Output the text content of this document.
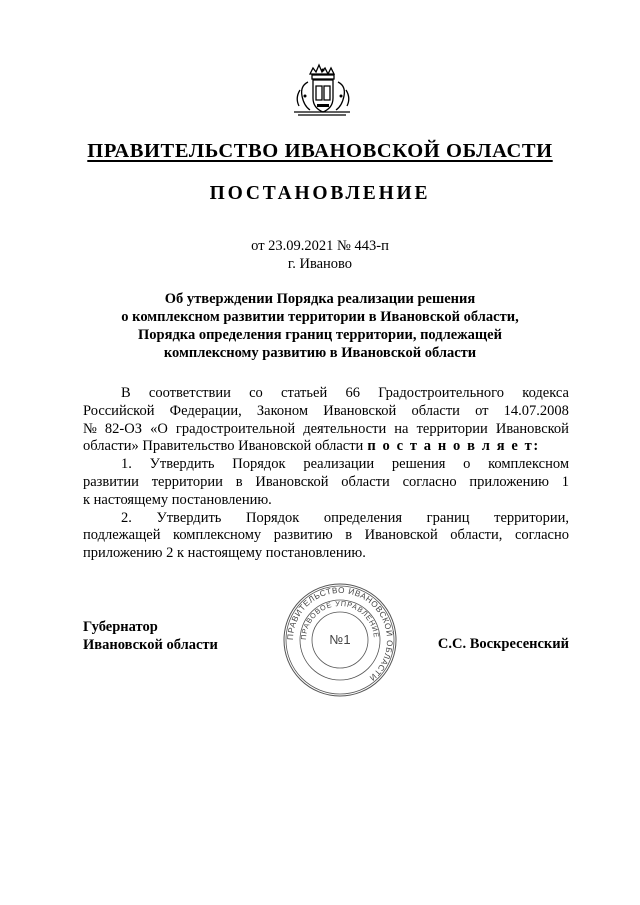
ПРАВИТЕЛЬСТВО ИВАНОВСКОЙ ОБЛАСТИ
ПОСТАНОВЛЕНИЕ
от 23.09.2021 № 443-п
г. Иваново
Об утверждении Порядка реализации решения
о комплексном развитии территории в Ивановской области,
Порядка определения границ территории, подлежащей
комплексному развитию в Ивановской области
В соответствии со статьей 66 Градостроительного кодекса
Российской Федерации, Законом Ивановской области от 14.07.2008
№ 82-ОЗ «О градостроительной деятельности на территории Ивановской
области» Правительство Ивановской области п о с т а н о в л я е т:
1. Утвердить Порядок реализации решения о комплексном
развитии территории в Ивановской области согласно приложению 1
к настоящему постановлению.
2. Утвердить Порядок определения границ территории,
подлежащей комплексному развитию в Ивановской области, согласно
приложению 2 к настоящему постановлению.
ПРАВИТЕЛЬСТВО ИВАНОВСКОЙ ОБЛАСТИ
ПРАВОВОЕ УПРАВЛЕНИЕ
№1
Губернатор
Ивановской области	С.С. Воскресенский
